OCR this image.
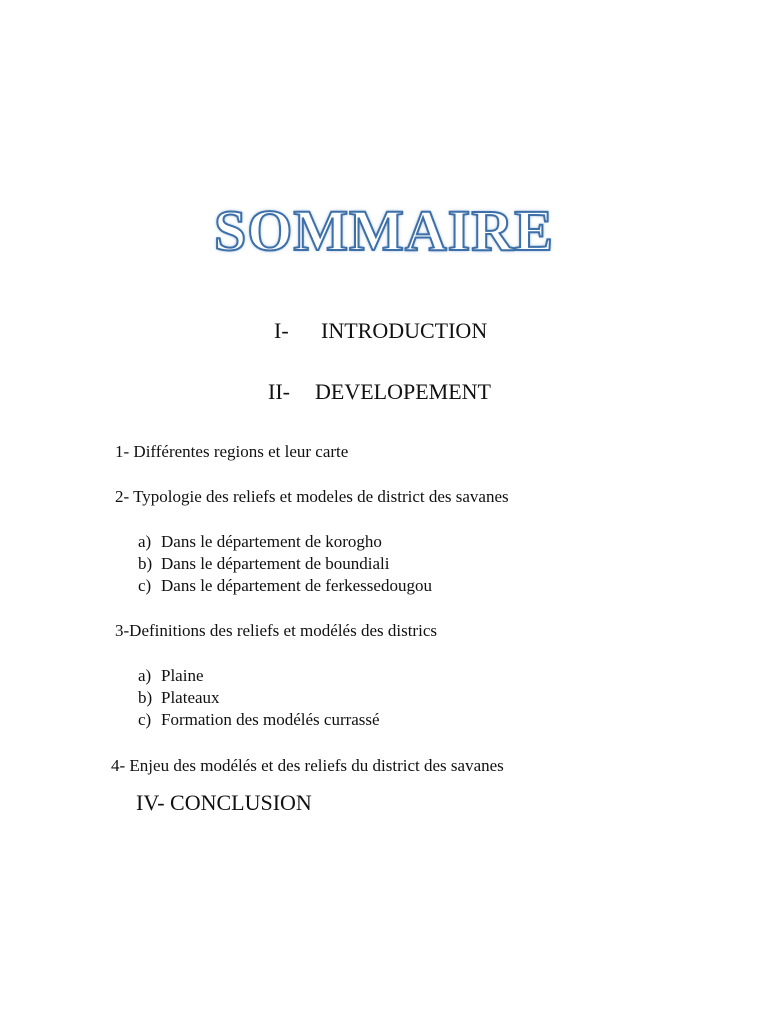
SOMMAIRE
I- INTRODUCTION
II- DEVELOPEMENT
1- Différentes regions et leur carte
2- Typologie des reliefs et modeles de district des savanes
a) Dans le département de korogho
b) Dans le département de boundiali
c) Dans le département de ferkessedougou
3-Definitions des reliefs et modélés des districs
a) Plaine
b) Plateaux
c) Formation des modélés currassé
4- Enjeu des modélés et des reliefs du district des savanes
IV- CONCLUSION
